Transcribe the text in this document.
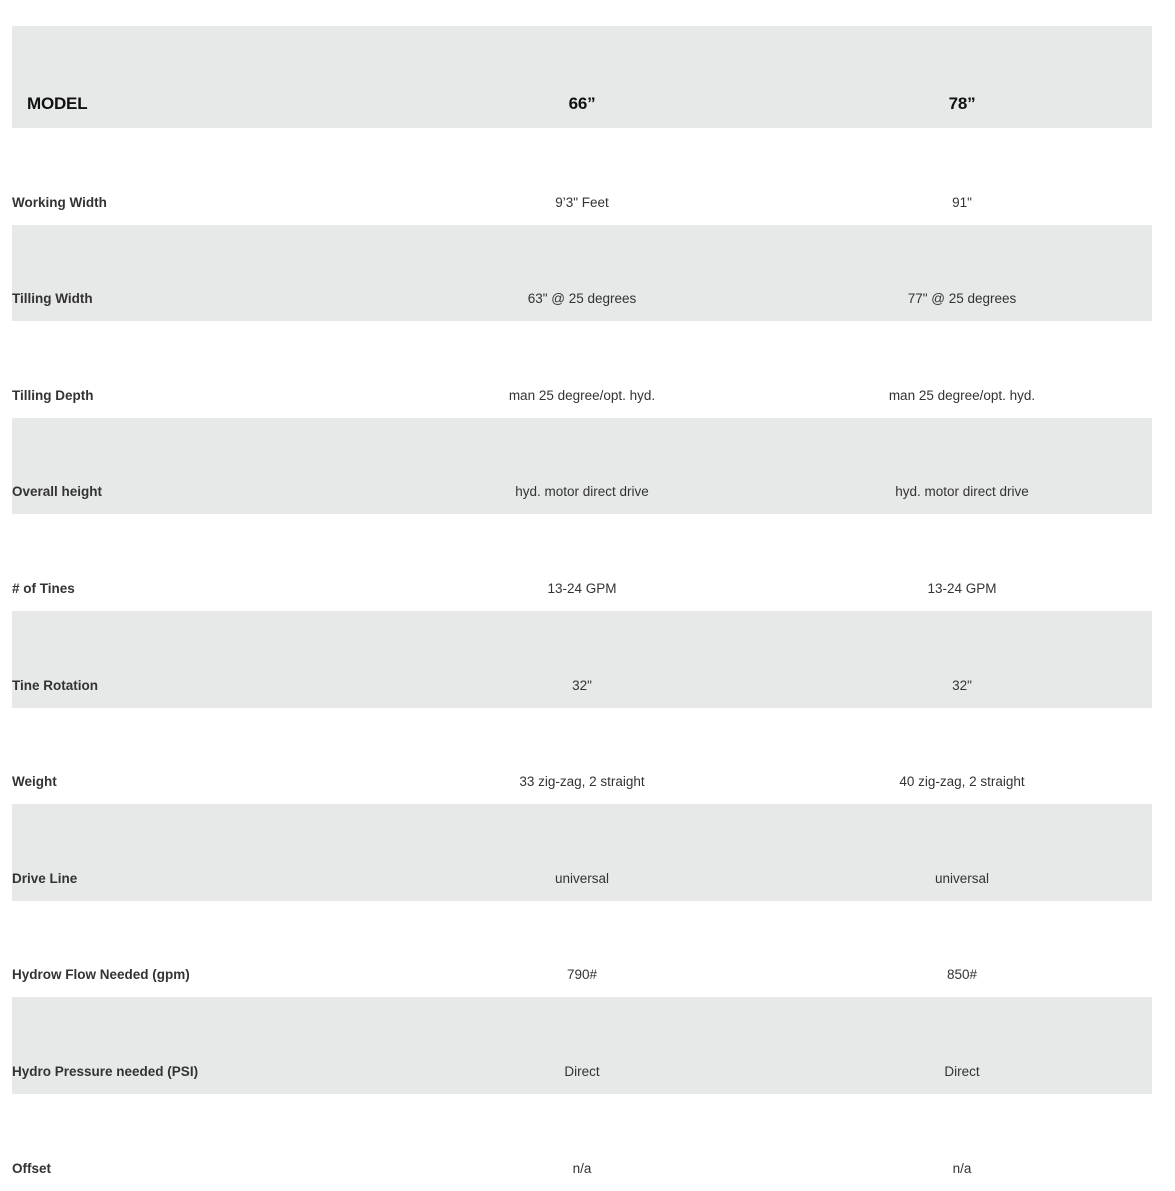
MODEL	66”	78”
Working Width	9’3" Feet	91"
Tilling Width	63" @ 25 degrees	77" @ 25 degrees
Tilling Depth	man 25 degree/opt. hyd.	man 25 degree/opt. hyd.
Overall height	hyd. motor direct drive	hyd. motor direct drive
# of Tines	13-24 GPM	13-24 GPM
Tine Rotation	32"	32"
Weight	33 zig-zag, 2 straight	40 zig-zag, 2 straight
Drive Line	universal	universal
Hydrow Flow Needed (gpm)	790#	850#
Hydro Pressure needed (PSI)	Direct	Direct
Offset	n/a	n/a
